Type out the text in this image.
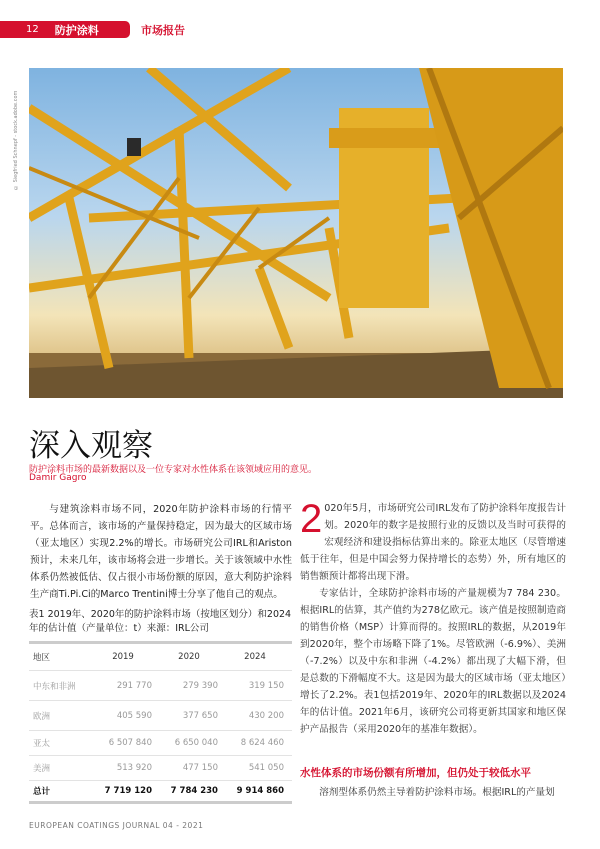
12 防护涂料	市场报告
© Siegfried Schnepf - stock.adobe.com
深入观察
防护涂料市场的最新数据以及一位专家对水性体系在该领域应用的意见。
Damir Gagro
与建筑涂料市场不同，2020年防护涂料市场的行情平平。总体而言，该市场的产量保持稳定，因为最大的区域市场（亚太地区）实现2.2%的增长。市场研究公司IRL和Ariston预计，未来几年，该市场将会进一步增长。关于该领域中水性体系仍然被低估、仅占很小市场份额的原因，意大利防护涂料生产商Ti.Pi.Ci的Marco Trentini博士分享了他自己的观点。
表1 2019年、2020年的防护涂料市场（按地区划分）和2024年的估计值（产量单位：t）来源：IRL公司
地区	2019	2020	2024
中东和非洲	291 770	279 390	319 150
欧洲	405 590	377 650	430 200
亚太	6 507 840	6 650 040	8 624 460
美洲	513 920	477 150	541 050
总计	7 719 120	7 784 230	9 914 860

2 020年5月，市场研究公司IRL发布了防护涂料年度报告计划。2020年的数字是按照行业的反馈以及当时可获得的宏观经济和建设指标估算出来的。除亚太地区（尽管增速低于往年，但是中国会努力保持增长的态势）外，所有地区的销售额预计都将出现下滑。

专家估计，全球防护涂料市场的产量规模为7 784 230。根据IRL的估算，其产值约为278亿欧元。该产值是按照制造商的销售价格（MSP）计算而得的。按照IRL的数据，从2019年到2020年，整个市场略下降了1%。尽管欧洲（-6.9%）、美洲（-7.2%）以及中东和非洲（-4.2%）都出现了大幅下滑，但是总数的下滑幅度不大。这是因为最大的区域市场（亚太地区）增长了2.2%。表1包括2019年、2020年的IRL数据以及2024年的估计值。2021年6月，该研究公司将更新其国家和地区保护产品报告（采用2020年的基准年数据）。

水性体系的市场份额有所增加，但仍处于较低水平
溶剂型体系仍然主导着防护涂料市场。根据IRL的产量划
EUROPEAN COATINGS JOURNAL 04 - 2021
